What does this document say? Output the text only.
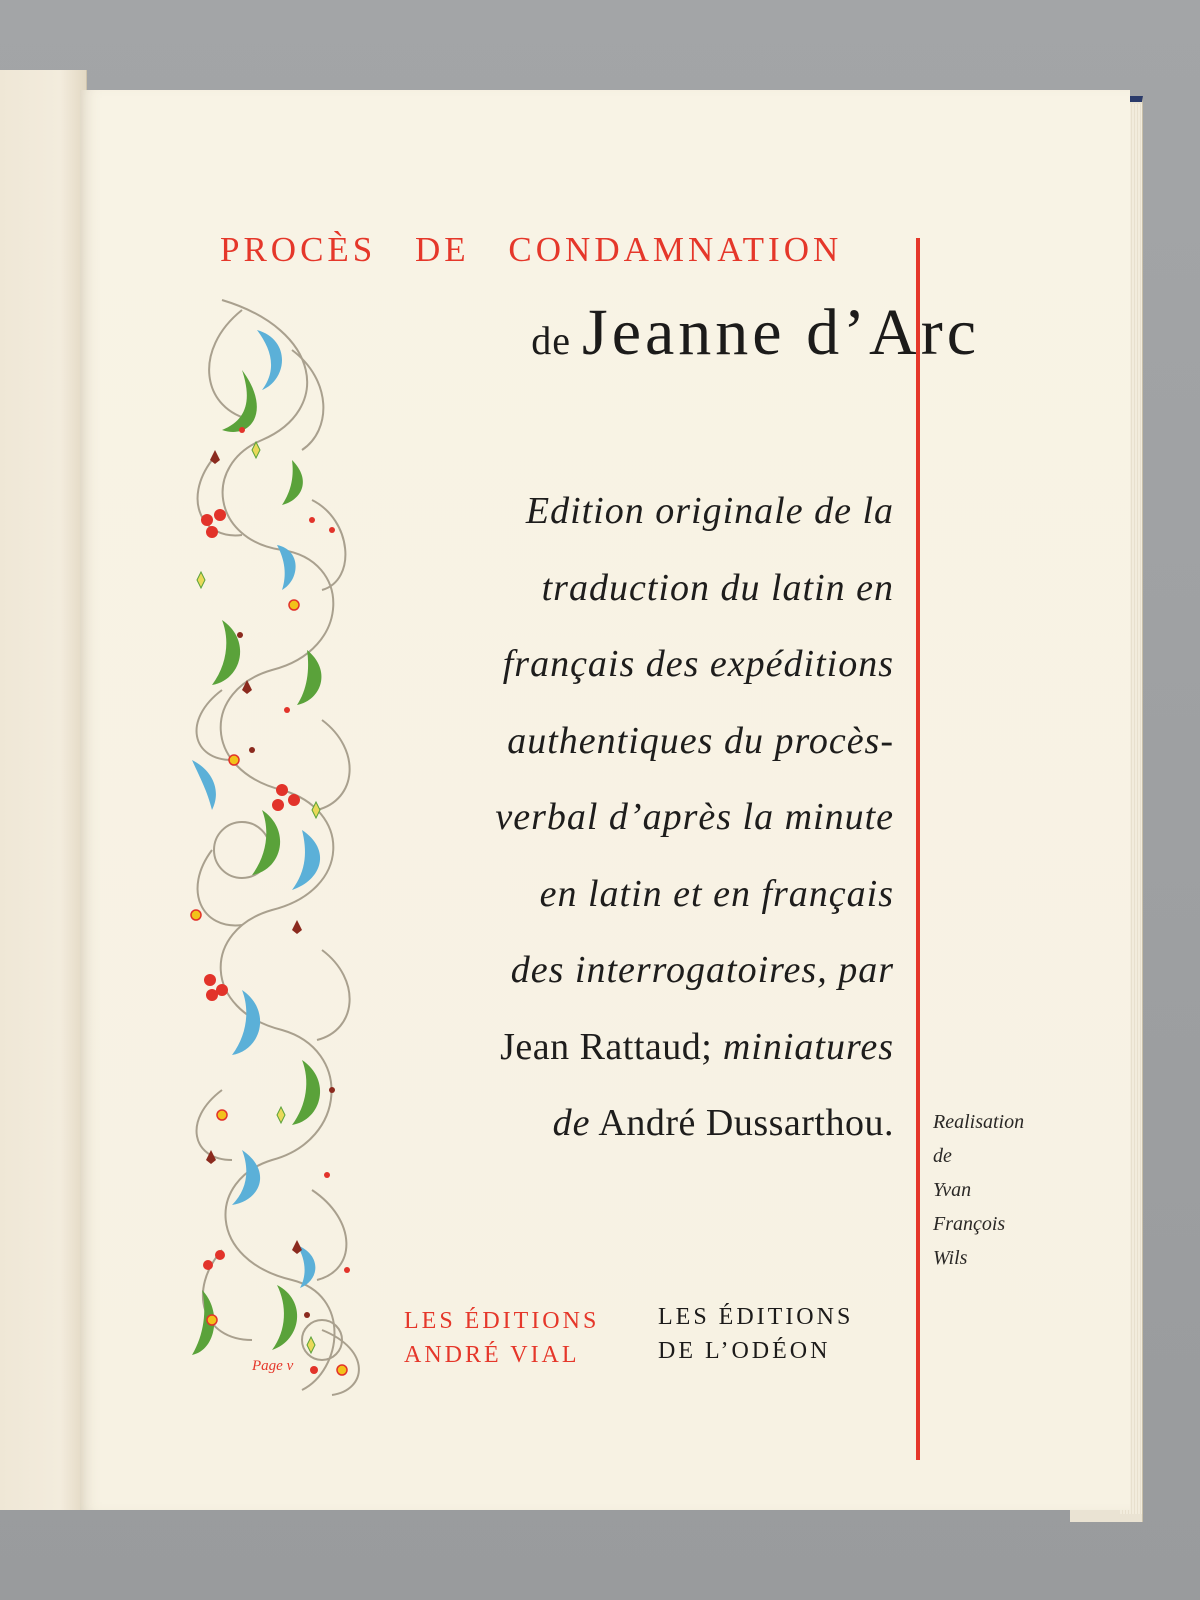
PROCÈS DE CONDAMNATION
de Jeanne d’Arc
Edition originale de la
traduction du latin en
français des expéditions
authentiques du procès-
verbal d’après la minute
en latin et en français
des interrogatoires, par
Jean Rattaud; miniatures
de André Dussarthou. Realisation
de
Yvan
François
Wils
LES ÉDITIONS
ANDRÉ VIAL
LES ÉDITIONS
DE L’ODÉON
Page v
